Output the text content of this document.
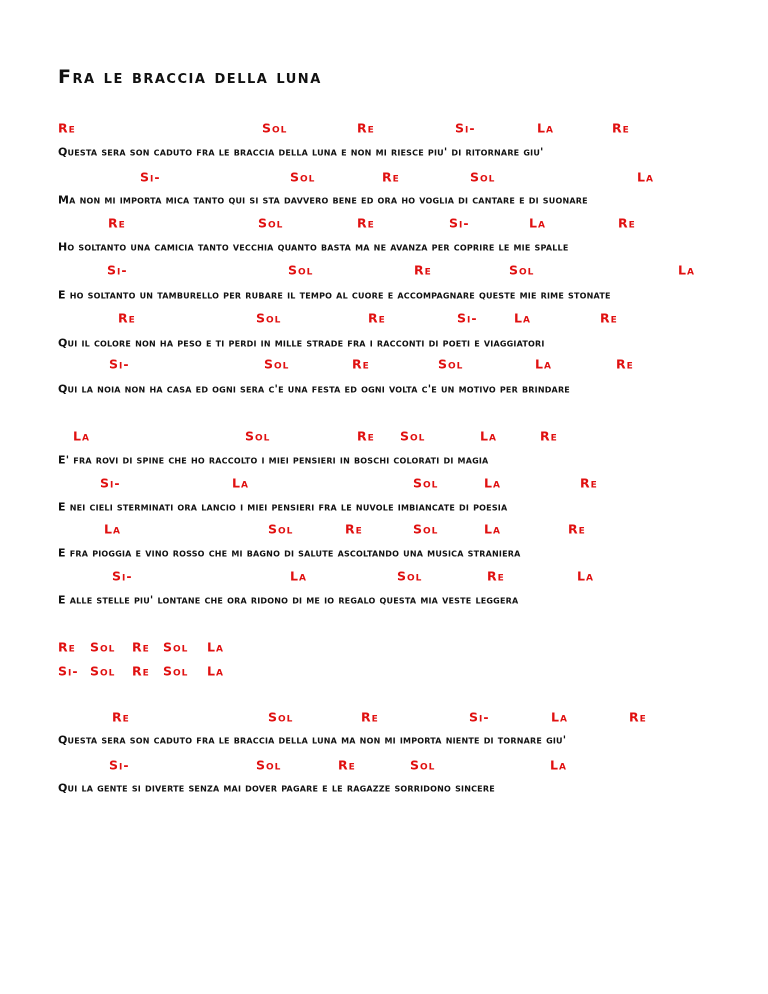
Fra le braccia della luna
Re	Sol	Re	Si-	La	Re
Questa sera son caduto fra le braccia della luna e non mi riesce piu' di ritornare giu'
Si-	Sol	Re	Sol	La
Ma non mi importa mica tanto qui si sta davvero bene ed ora ho voglia di cantare e di suonare
Re	Sol	Re	Si-	La	Re
Ho soltanto una camicia tanto vecchia quanto basta ma ne avanza per coprire le mie spalle
Si-	Sol	Re	Sol	La
E ho soltanto un tamburello per rubare il tempo al cuore e accompagnare queste mie rime stonate
Re	Sol	Re	Si-	La	Re
Qui il colore non ha peso e ti perdi in mille strade fra i racconti di poeti e viaggiatori
Si-	Sol	Re	Sol	La	Re
Qui la noia non ha casa ed ogni sera c'e una festa ed ogni volta c'e un motivo per brindare
La	Sol	Re Sol	La	Re
E' fra rovi di spine che ho raccolto i miei pensieri in boschi colorati di magia
Si-	La	Sol	La	Re
E nei cieli sterminati ora lancio i miei pensieri fra le nuvole imbiancate di poesia
La	Sol	Re	Sol	La	Re
E fra pioggia e vino rosso che mi bagno di salute ascoltando una musica straniera
Si-	La	Sol	Re	La
E alle stelle piu' lontane che ora ridono di me io regalo questa mia veste leggera
Re Sol Re Sol La
Si- Sol Re Sol La
Re	Sol	Re	Si-	La	Re
Questa sera son caduto fra le braccia della luna ma non mi importa niente di tornare giu'
Si-	Sol	Re	Sol	La
Qui la gente si diverte senza mai dover pagare e le ragazze sorridono sincere
